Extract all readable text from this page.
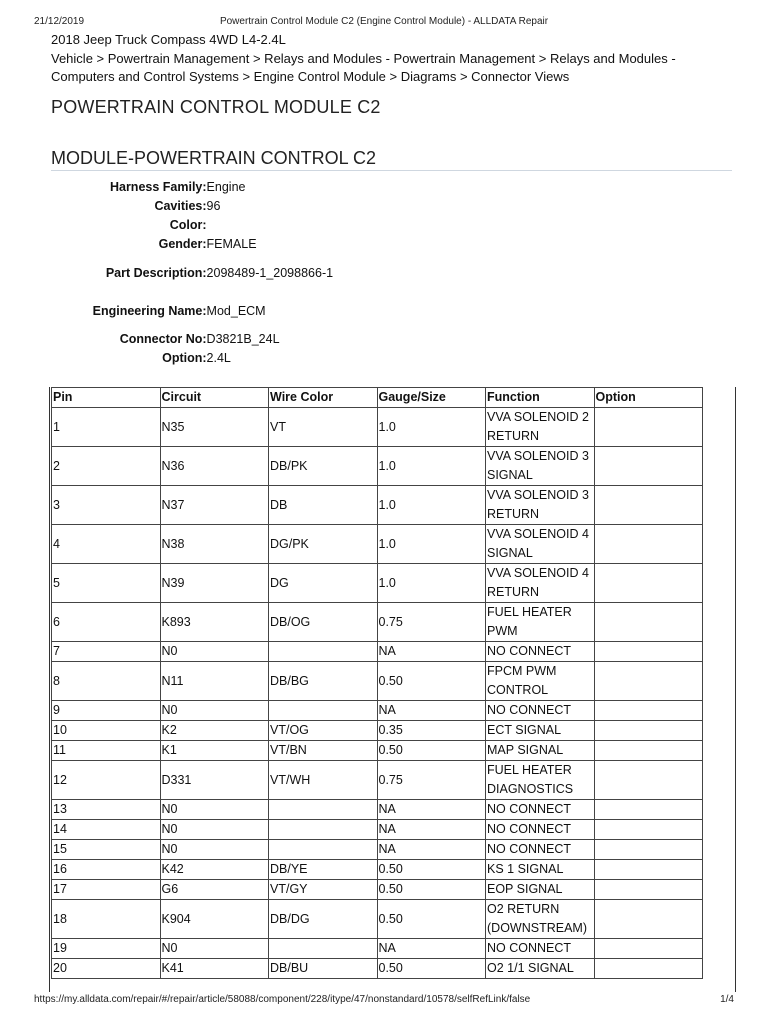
21/12/2019	Powertrain Control Module C2 (Engine Control Module) - ALLDATA Repair
2018 Jeep Truck Compass 4WD L4-2.4L
Vehicle > Powertrain Management > Relays and Modules - Powertrain Management > Relays and Modules - Computers and Control Systems > Engine Control Module > Diagrams > Connector Views
POWERTRAIN CONTROL MODULE C2
MODULE-POWERTRAIN CONTROL C2
Harness Family:	Engine
Cavities:	96
Color:	
Gender:	FEMALE
Part Description:	2098489-1_2098866-1
Engineering Name:	Mod_ECM
Connector No:	D3821B_24L
Option:	2.4L
Pin	Circuit	Wire Color	Gauge/Size	Function	Option
1	N35	VT	1.0	VVA SOLENOID 2 RETURN	
2	N36	DB/PK	1.0	VVA SOLENOID 3 SIGNAL	
3	N37	DB	1.0	VVA SOLENOID 3 RETURN	
4	N38	DG/PK	1.0	VVA SOLENOID 4 SIGNAL	
5	N39	DG	1.0	VVA SOLENOID 4 RETURN	
6	K893	DB/OG	0.75	FUEL HEATER PWM	
7	N0		NA	NO CONNECT	
8	N11	DB/BG	0.50	FPCM PWM CONTROL	
9	N0		NA	NO CONNECT	
10	K2	VT/OG	0.35	ECT SIGNAL	
11	K1	VT/BN	0.50	MAP SIGNAL	
12	D331	VT/WH	0.75	FUEL HEATER DIAGNOSTICS	
13	N0		NA	NO CONNECT	
14	N0		NA	NO CONNECT	
15	N0		NA	NO CONNECT	
16	K42	DB/YE	0.50	KS 1 SIGNAL	
17	G6	VT/GY	0.50	EOP SIGNAL	
18	K904	DB/DG	0.50	O2 RETURN (DOWNSTREAM)	
19	N0		NA	NO CONNECT	
20	K41	DB/BU	0.50	O2 1/1 SIGNAL	
https://my.alldata.com/repair/#/repair/article/58088/component/228/itype/47/nonstandard/10578/selfRefLink/false	1/4
